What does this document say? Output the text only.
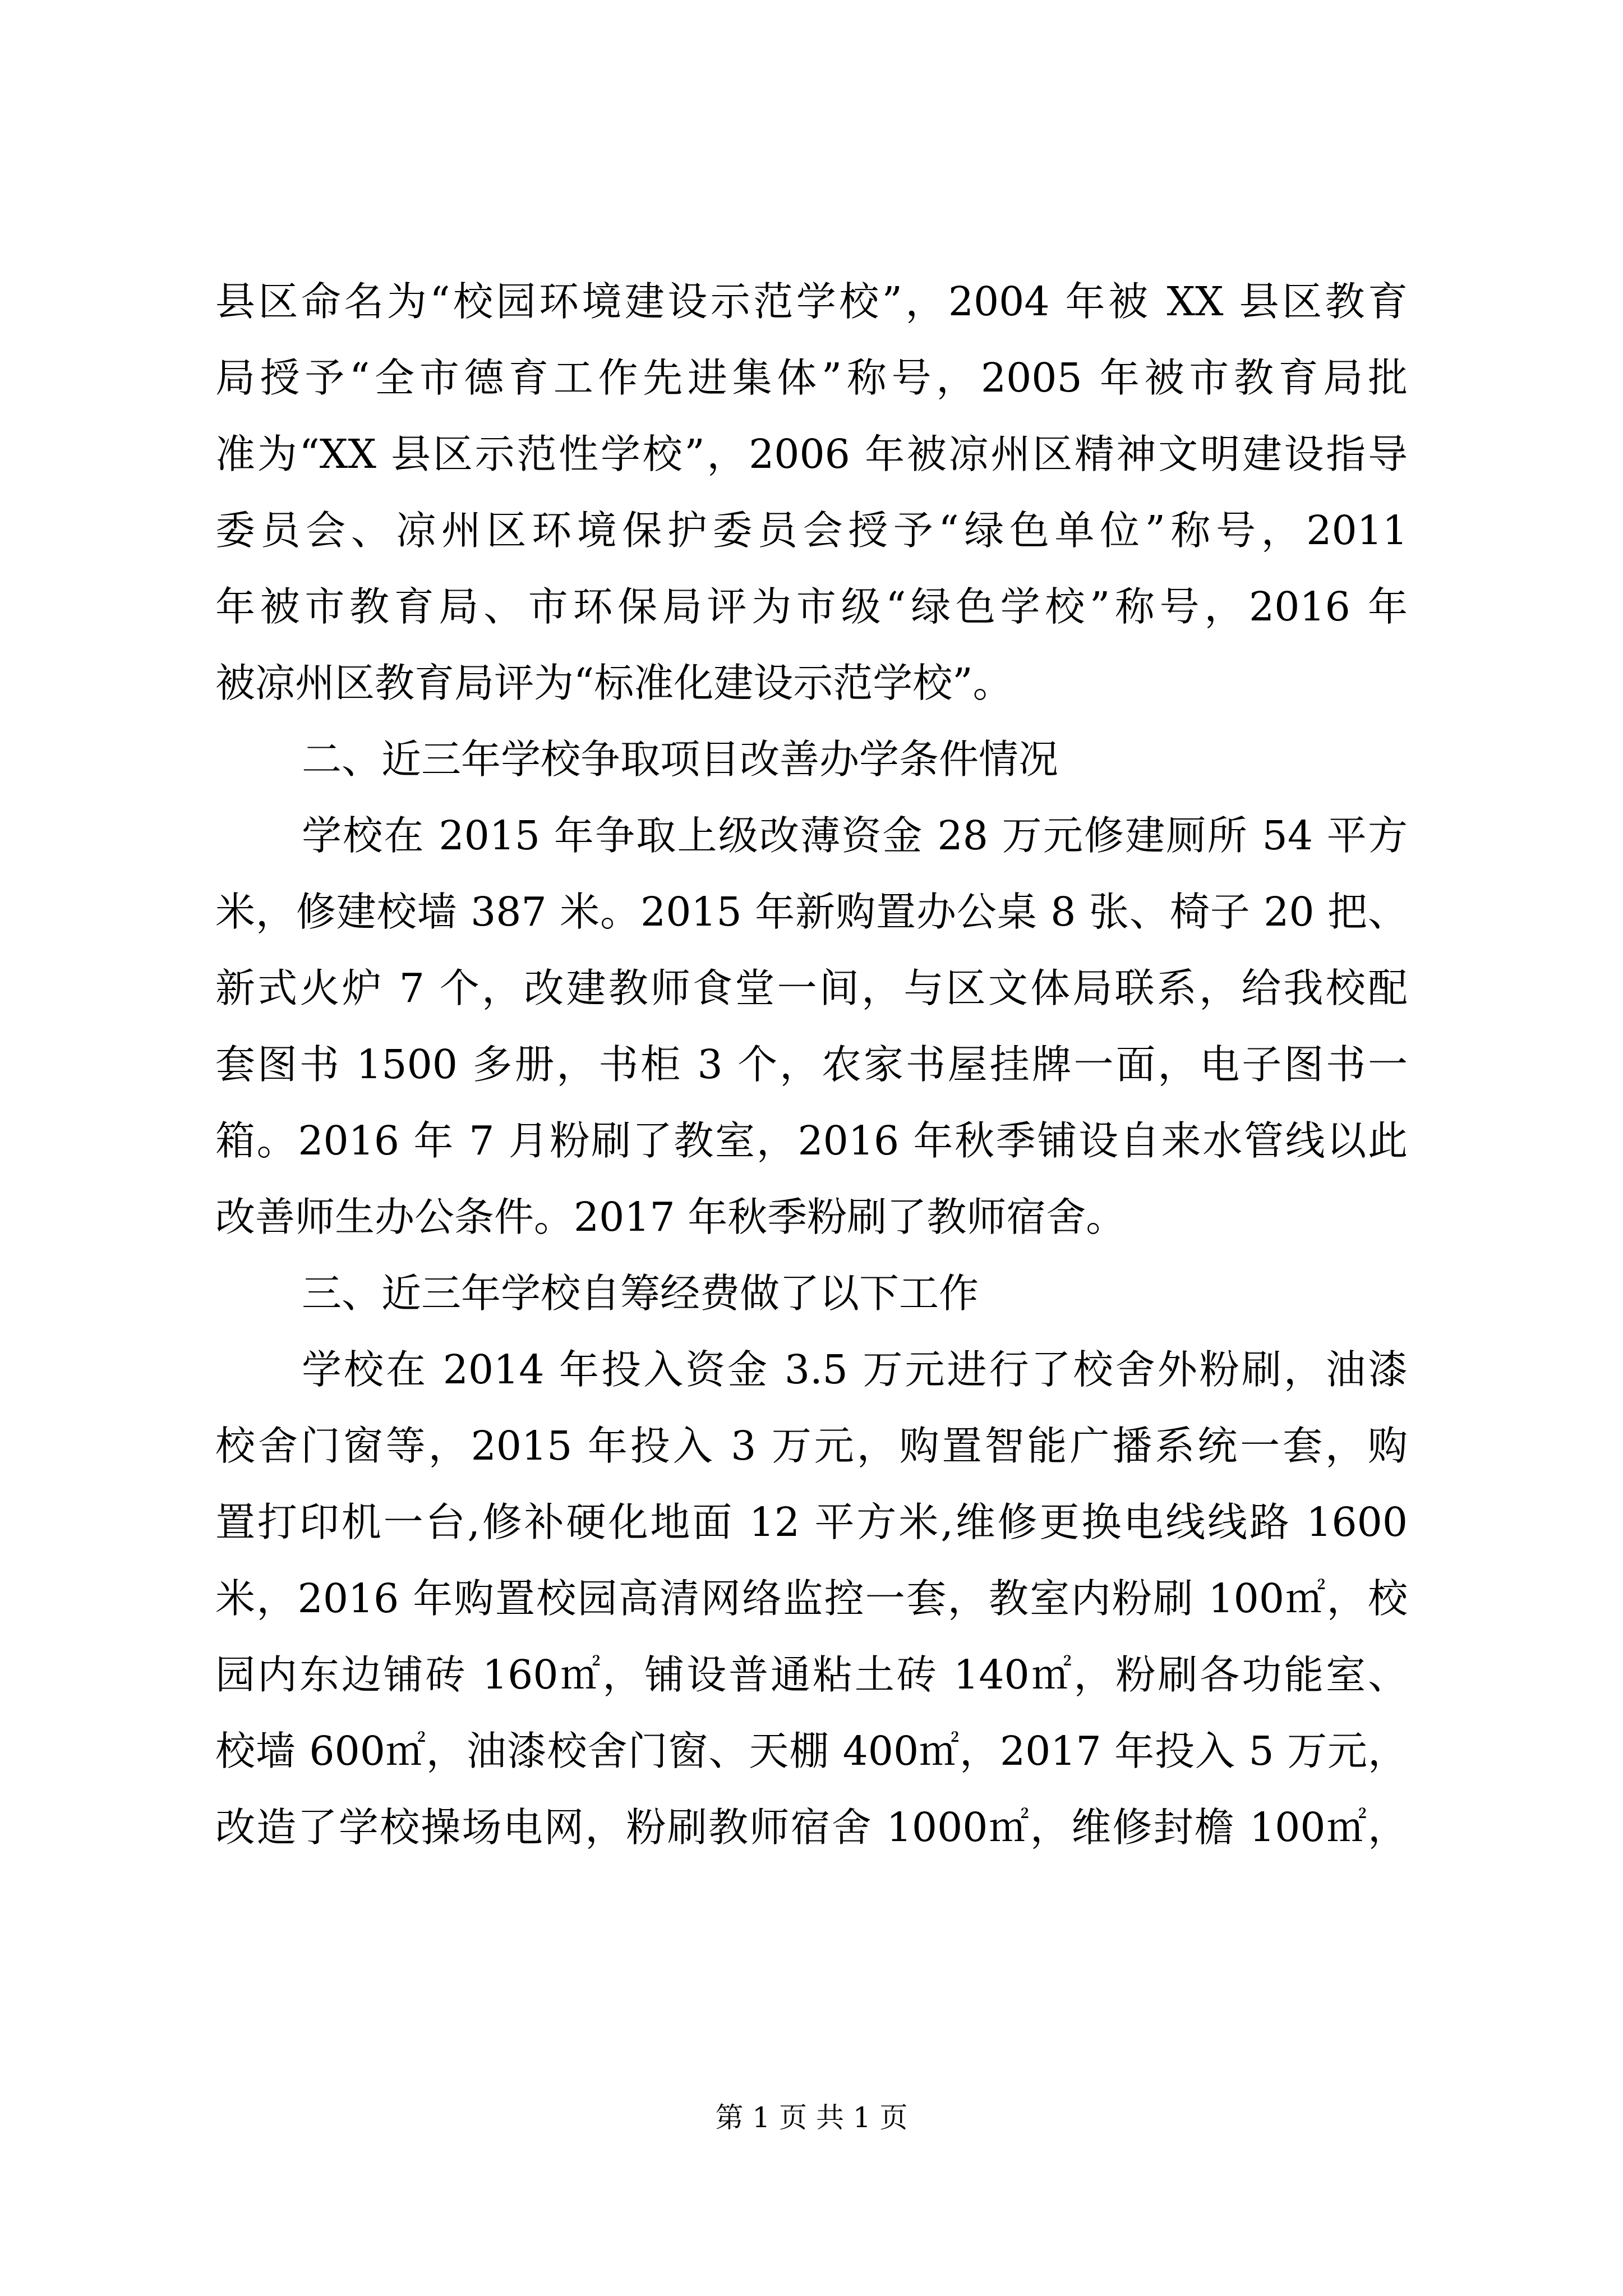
县区命名为“校园环境建设示范学校”，2004 年被 XX 县区教育
局授予“全市德育工作先进集体”称号，2005 年被市教育局批
准为“XX 县区示范性学校”，2006 年被凉州区精神文明建设指导
委员会、凉州区环境保护委员会授予“绿色单位”称号，2011
年被市教育局、市环保局评为市级“绿色学校”称号，2016 年
被凉州区教育局评为“标准化建设示范学校”。
二、近三年学校争取项目改善办学条件情况
学校在 2015 年争取上级改薄资金 28 万元修建厕所 54 平方
米，修建校墙 387 米。2015 年新购置办公桌 8 张、椅子 20 把、
新式火炉 7 个，改建教师食堂一间，与区文体局联系，给我校配
套图书 1500 多册，书柜 3 个，农家书屋挂牌一面，电子图书一
箱。2016 年 7 月粉刷了教室，2016 年秋季铺设自来水管线以此
改善师生办公条件。2017 年秋季粉刷了教师宿舍。
三、近三年学校自筹经费做了以下工作
学校在 2014 年投入资金 3.5 万元进行了校舍外粉刷，油漆
校舍门窗等，2015 年投入 3 万元，购置智能广播系统一套，购
置打印机一台,修补硬化地面 12 平方米,维修更换电线线路 1600
米，2016 年购置校园高清网络监控一套，教室内粉刷 100㎡，校
园内东边铺砖 160㎡，铺设普通粘土砖 140㎡，粉刷各功能室、
校墙 600㎡，油漆校舍门窗、天棚 400㎡，2017 年投入 5 万元，
改造了学校操场电网，粉刷教师宿舍 1000㎡，维修封檐 100㎡，
第 1 页 共 1 页
